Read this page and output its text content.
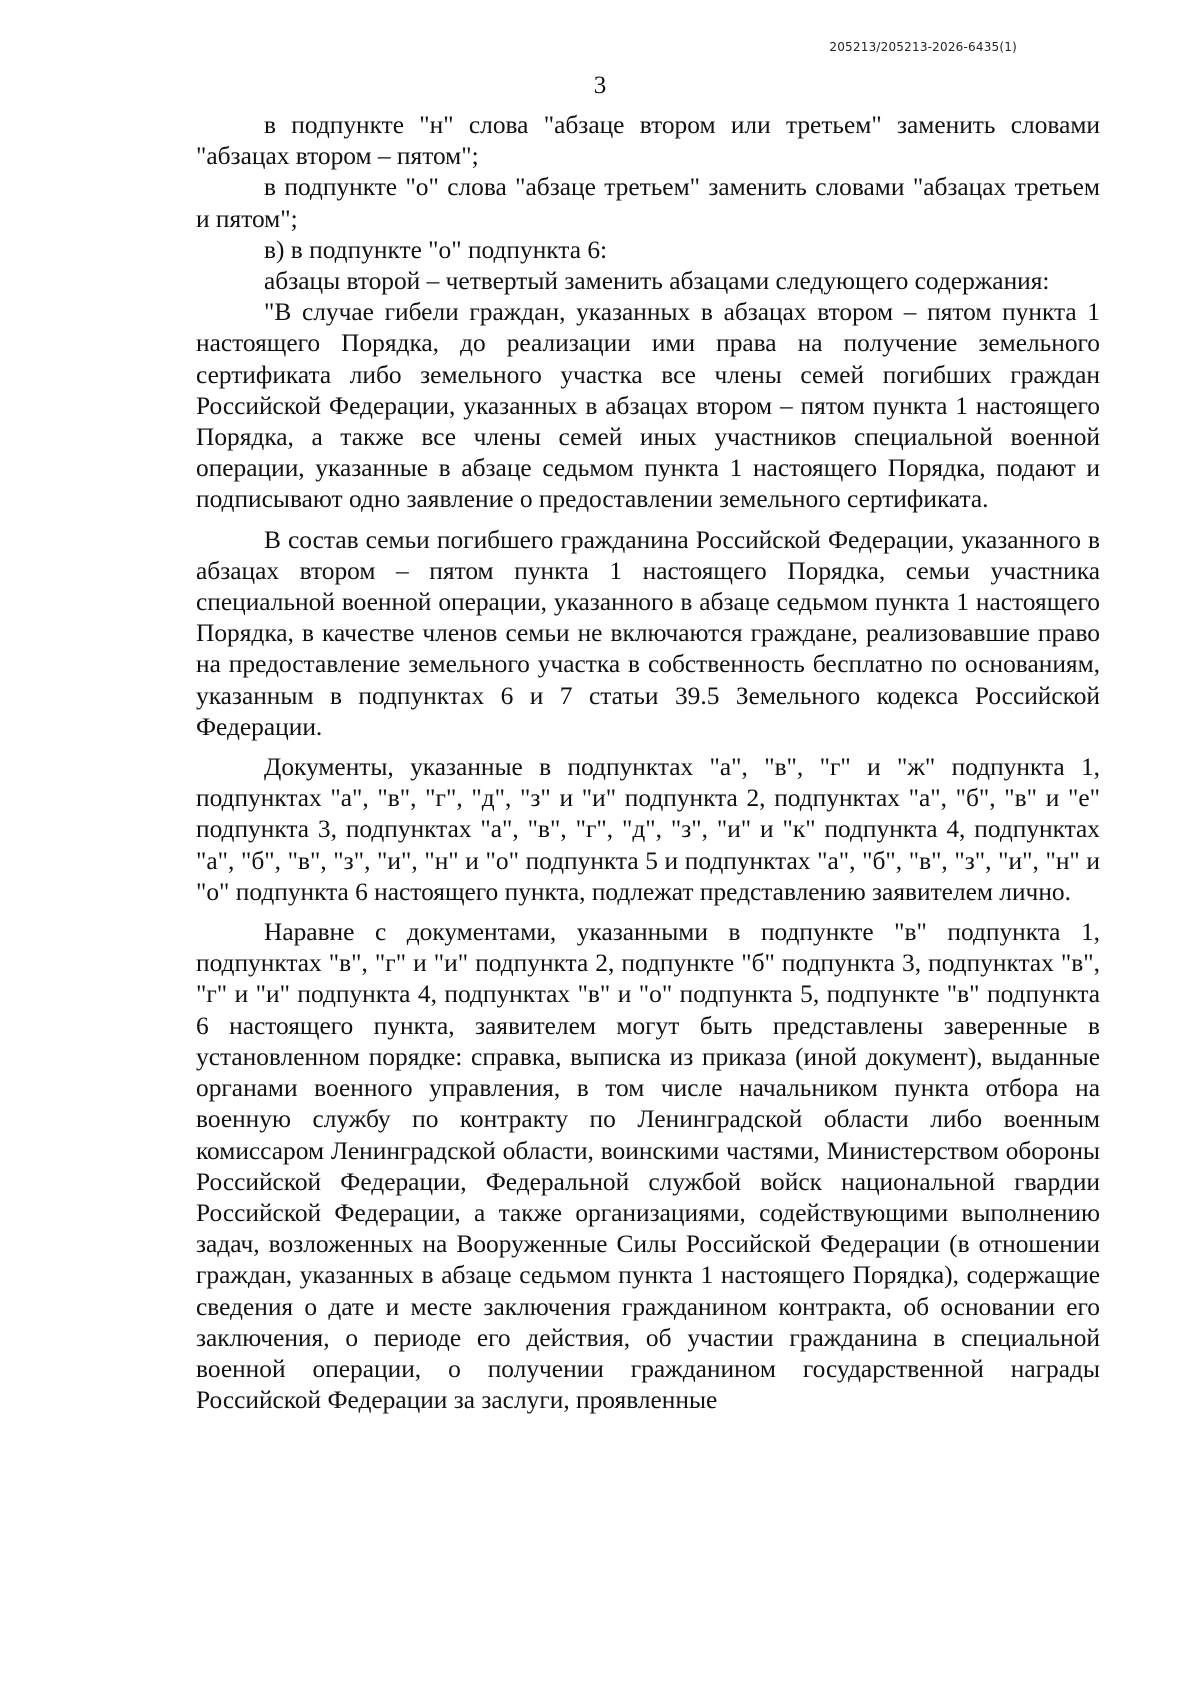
205213/205213-2026-6435(1)
3

в подпункте "н" слова "абзаце втором или третьем" заменить словами "абзацах втором – пятом";

в подпункте "о" слова "абзаце третьем" заменить словами "абзацах третьем и пятом";

в) в подпункте "о" подпункта 6:

абзацы второй – четвертый заменить абзацами следующего содержания:

"В случае гибели граждан, указанных в абзацах втором – пятом пункта 1 настоящего Порядка, до реализации ими права на получение земельного сертификата либо земельного участка все члены семей погибших граждан Российской Федерации, указанных в абзацах втором – пятом пункта 1 настоящего Порядка, а также все члены семей иных участников специальной военной операции, указанные в абзаце седьмом пункта 1 настоящего Порядка, подают и подписывают одно заявление о предоставлении земельного сертификата.

В состав семьи погибшего гражданина Российской Федерации, указанного в абзацах втором – пятом пункта 1 настоящего Порядка, семьи участника специальной военной операции, указанного в абзаце седьмом пункта 1 настоящего Порядка, в качестве членов семьи не включаются граждане, реализовавшие право на предоставление земельного участка в собственность бесплатно по основаниям, указанным в подпунктах 6 и 7 статьи 39.5 Земельного кодекса Российской Федерации.

Документы, указанные в подпунктах "а", "в", "г" и "ж" подпункта 1, подпунктах "а", "в", "г", "д", "з" и "и" подпункта 2, подпунктах "а", "б", "в" и "е" подпункта 3, подпунктах "а", "в", "г", "д", "з", "и" и "к" подпункта 4, подпунктах "а", "б", "в", "з", "и", "н" и "о" подпункта 5 и подпунктах "а", "б", "в", "з", "и", "н" и "о" подпункта 6 настоящего пункта, подлежат представлению заявителем лично.

Наравне с документами, указанными в подпункте "в" подпункта 1, подпунктах "в", "г" и "и" подпункта 2, подпункте "б" подпункта 3, подпунктах "в", "г" и "и" подпункта 4, подпунктах "в" и "о" подпункта 5, подпункте "в" подпункта 6 настоящего пункта, заявителем могут быть представлены заверенные в установленном порядке: справка, выписка из приказа (иной документ), выданные органами военного управления, в том числе начальником пункта отбора на военную службу по контракту по Ленинградской области либо военным комиссаром Ленинградской области, воинскими частями, Министерством обороны Российской Федерации, Федеральной службой войск национальной гвардии Российской Федерации, а также организациями, содействующими выполнению задач, возложенных на Вооруженные Силы Российской Федерации (в отношении граждан, указанных в абзаце седьмом пункта 1 настоящего Порядка), содержащие сведения о дате и месте заключения гражданином контракта, об основании его заключения, о периоде его действия, об участии гражданина в специальной военной операции, о получении гражданином государственной награды Российской Федерации за заслуги, проявленные
